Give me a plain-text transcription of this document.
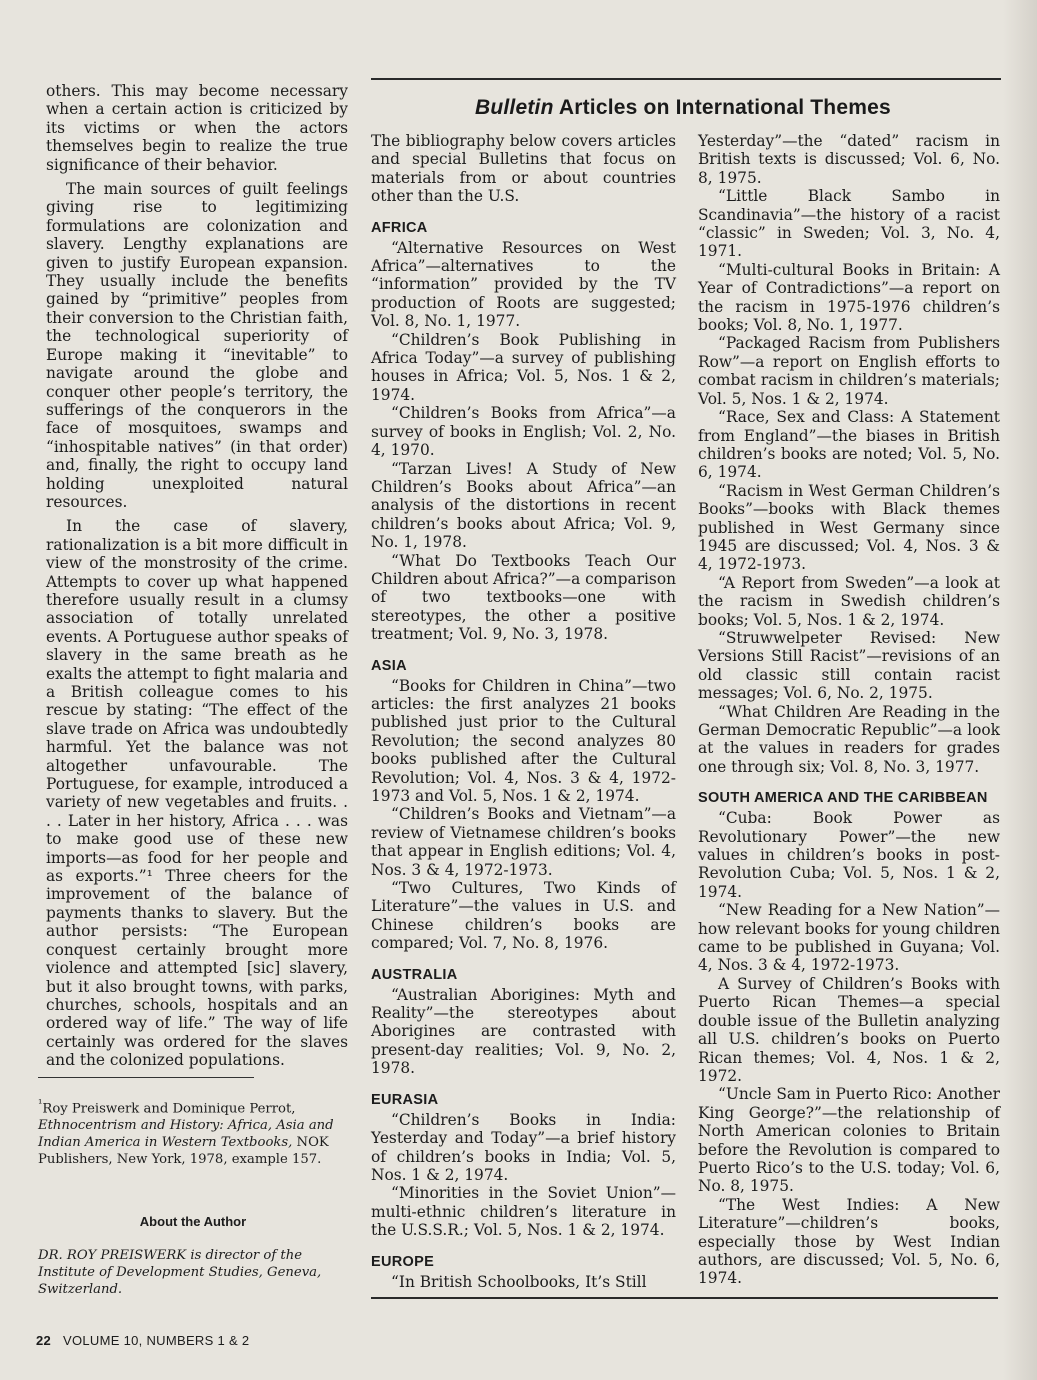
others. This may become necessary when a certain action is criticized by its victims or when the actors themselves begin to realize the true significance of their behavior.

The main sources of guilt feelings giving rise to legitimizing formulations are colonization and slavery. Lengthy explanations are given to justify European expansion. They usually include the benefits gained by “primitive” peoples from their conversion to the Christian faith, the technological superiority of Europe making it “inevitable” to navigate around the globe and conquer other people’s territory, the sufferings of the conquerors in the face of mosquitoes, swamps and “inhospitable natives” (in that order) and, finally, the right to occupy land holding unexploited natural resources.

In the case of slavery, rationalization is a bit more difficult in view of the monstrosity of the crime. Attempts to cover up what happened therefore usually result in a clumsy association of totally unrelated events. A Portuguese author speaks of slavery in the same breath as he exalts the attempt to fight malaria and a British colleague comes to his rescue by stating: “The effect of the slave trade on Africa was undoubtedly harmful. Yet the balance was not altogether unfavourable. The Portuguese, for example, introduced a variety of new vegetables and fruits. . . . Later in her history, Africa . . . was to make good use of these new imports—as food for her people and as exports.”¹ Three cheers for the improvement of the balance of payments thanks to slavery. But the author persists: “The European conquest certainly brought more violence and attempted [sic] slavery, but it also brought towns, with parks, churches, schools, hospitals and an ordered way of life.” The way of life certainly was ordered for the slaves and the colonized populations.

$^{^1}$Roy Preiswerk and Dominique Perrot, Ethnocentrism and History: Africa, Asia and Indian America in Western Textbooks, NOK Publishers, New York, 1978, example 157.
About the Author
DR. ROY PREISWERK is director of the Institute of Development Studies, Geneva, Switzerland.
Bulletin Articles on International Themes

The bibliography below covers articles and special Bulletins that focus on materials from or about countries other than the U.S.

AFRICA

“Alternative Resources on West Africa”—alternatives to the “information” provided by the TV production of Roots are suggested; Vol. 8, No. 1, 1977.

“Children’s Book Publishing in Africa Today”—a survey of publishing houses in Africa; Vol. 5, Nos. 1 & 2, 1974.

“Children’s Books from Africa”—a survey of books in English; Vol. 2, No. 4, 1970.

“Tarzan Lives! A Study of New Children’s Books about Africa”—an analysis of the distortions in recent children’s books about Africa; Vol. 9, No. 1, 1978.

“What Do Textbooks Teach Our Children about Africa?”—a comparison of two textbooks—one with stereotypes, the other a positive treatment; Vol. 9, No. 3, 1978.

ASIA

“Books for Children in China”—two articles: the first analyzes 21 books published just prior to the Cultural Revolution; the second analyzes 80 books published after the Cultural Revolution; Vol. 4, Nos. 3 & 4, 1972-1973 and Vol. 5, Nos. 1 & 2, 1974.

“Children’s Books and Vietnam”—a review of Vietnamese children’s books that appear in English editions; Vol. 4, Nos. 3 & 4, 1972-1973.

“Two Cultures, Two Kinds of Literature”—the values in U.S. and Chinese children’s books are compared; Vol. 7, No. 8, 1976.

AUSTRALIA

“Australian Aborigines: Myth and Reality”—the stereotypes about Aborigines are contrasted with present-day realities; Vol. 9, No. 2, 1978.

EURASIA

“Children’s Books in India: Yesterday and Today”—a brief history of children’s books in India; Vol. 5, Nos. 1 & 2, 1974.

“Minorities in the Soviet Union”—multi-ethnic children’s literature in the U.S.S.R.; Vol. 5, Nos. 1 & 2, 1974.

EUROPE

“In British Schoolbooks, It’s Still

Yesterday”—the “dated” racism in British texts is discussed; Vol. 6, No. 8, 1975.

“Little Black Sambo in Scandinavia”—the history of a racist “classic” in Sweden; Vol. 3, No. 4, 1971.

“Multi-cultural Books in Britain: A Year of Contradictions”—a report on the racism in 1975-1976 children’s books; Vol. 8, No. 1, 1977.

“Packaged Racism from Publishers Row”—a report on English efforts to combat racism in children’s materials; Vol. 5, Nos. 1 & 2, 1974.

“Race, Sex and Class: A Statement from England”—the biases in British children’s books are noted; Vol. 5, No. 6, 1974.

“Racism in West German Children’s Books”—books with Black themes published in West Germany since 1945 are discussed; Vol. 4, Nos. 3 & 4, 1972-1973.

“A Report from Sweden”—a look at the racism in Swedish children’s books; Vol. 5, Nos. 1 & 2, 1974.

“Struwwelpeter Revised: New Versions Still Racist”—revisions of an old classic still contain racist messages; Vol. 6, No. 2, 1975.

“What Children Are Reading in the German Democratic Republic”—a look at the values in readers for grades one through six; Vol. 8, No. 3, 1977.

SOUTH AMERICA AND THE CARIBBEAN

“Cuba: Book Power as Revolutionary Power”—the new values in children’s books in post-Revolution Cuba; Vol. 5, Nos. 1 & 2, 1974.

“New Reading for a New Nation”—how relevant books for young children came to be published in Guyana; Vol. 4, Nos. 3 & 4, 1972-1973.

A Survey of Children’s Books with Puerto Rican Themes—a special double issue of the Bulletin analyzing all U.S. children’s books on Puerto Rican themes; Vol. 4, Nos. 1 & 2, 1972.

“Uncle Sam in Puerto Rico: Another King George?”—the relationship of North American colonies to Britain before the Revolution is compared to Puerto Rico’s to the U.S. today; Vol. 6, No. 8, 1975.

“The West Indies: A New Literature”—children’s books, especially those by West Indian authors, are discussed; Vol. 5, No. 6, 1974.

22 VOLUME 10, NUMBERS 1 & 2
